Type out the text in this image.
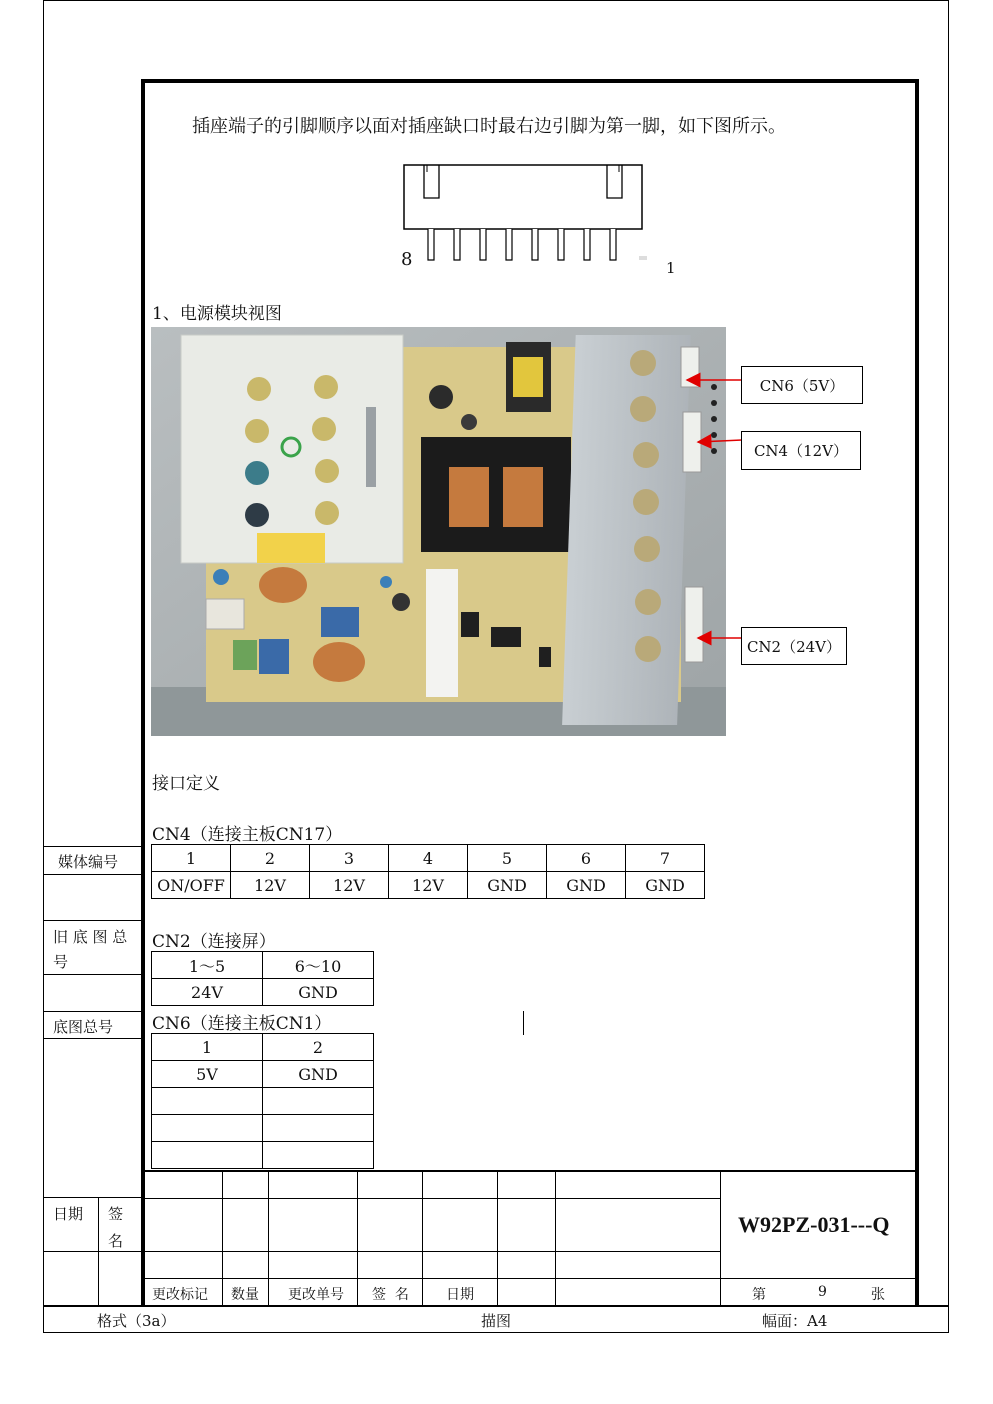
插座端子的引脚顺序以面对插座缺口时最右边引脚为第一脚，如下图所示。
8	1
1、电源模块视图
CN6（5V）
CN4（12V）
CN2（24V）
接口定义
CN4（连接主板CN17）
1	2	3	4	5	6	7
ON/OFF	12V	12V	12V	GND	GND	GND
CN2（连接屏）
1～5	6～10
24V	GND
CN6（连接主板CN1）
1	2
5V	GND

媒体编号
旧 底 图 总
号
底图总号
日期 签
名
更改标记 数量 更改单号 签  名	日期
W92PZ-031---Q
第	9	张
格式（3a）	描图	幅面：A4
